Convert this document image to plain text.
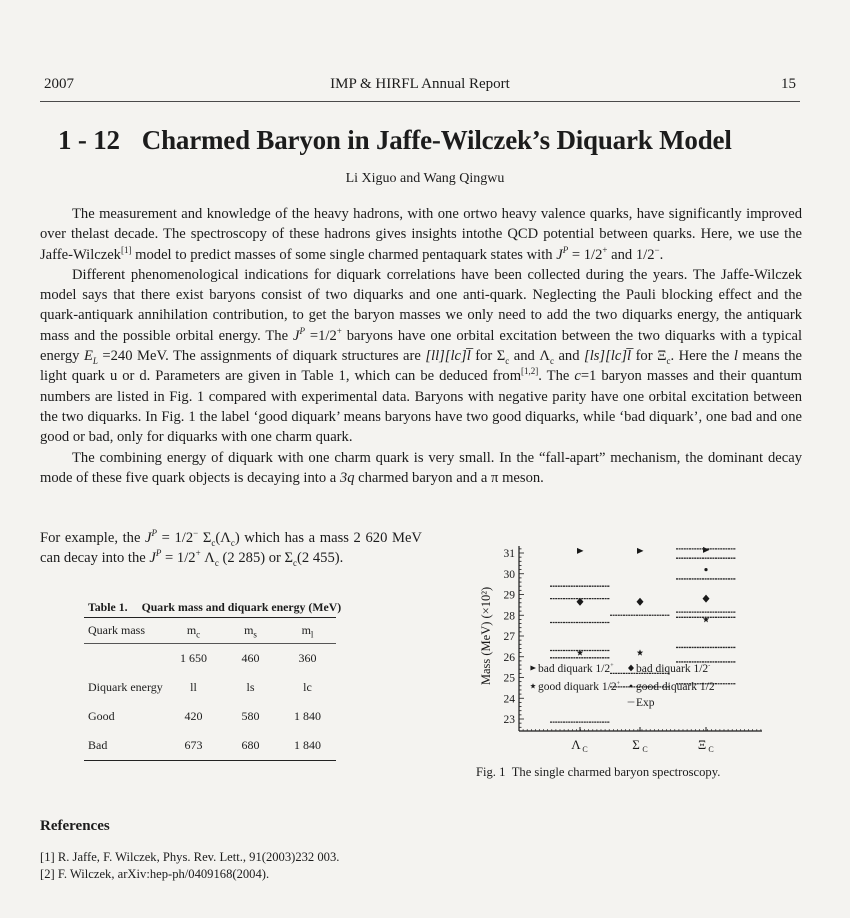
2007	IMP & HIRFL Annual Report	15
1 - 12 Charmed Baryon in Jaffe-Wilczek’s Diquark Model
Li Xiguo and Wang Qingwu

The measurement and knowledge of the heavy hadrons, with one ortwo heavy valence quarks, have significantly improved over thelast decade. The spectroscopy of these hadrons gives insights intothe QCD potential between quarks. Here, we use the Jaffe-Wilczek[1] model to predict masses of some single charmed pentaquark states with $J^P = 1/2^+$ and 1/2−.

Different phenomenological indications for diquark correlations have been collected during the years. The Jaffe-Wilczek model says that there exist baryons consist of two diquarks and one anti-quark. Neglecting the Pauli blocking effect and the quark-antiquark annihilation contribution, to get the baryon masses we only need to add the two diquarks energy, the antiquark mass and the possible orbital energy. The $J^P =1/2^+$ baryons have one orbital excitation between the two diquarks with a typical energy $E_L =240$ MeV. The assignments of diquark structures are [ll][lc]l̅ for $\Sigma_c$ and $\Lambda_c$ and [ls][lc]l̅ for $\Xi_c$. Here the l means the light quark u or d. Parameters are given in Table 1, which can be deduced from[1,2]. The c=1 baryon masses and their quantum numbers are listed in Fig. 1 compared with experimental data. Baryons with negative parity have one orbital excitation between the two diquarks. In Fig. 1 the label ‘good diquark’ means baryons have two good diquarks, while ‘bad diquark’, one bad and one good or bad, only for diquarks with one charm quark.

The combining energy of diquark with one charm quark is very small. In the “fall-apart” mechanism, the dominant decay mode of these five quark objects is decaying into a 3q charmed baryon and a π meson.

For example, the $J^P = 1/2^-$ $\Sigma_c(\Lambda_c)$ which has a mass 2 620 MeV can decay into the $J^P = 1/2^+$ $\Lambda_c$ (2 285) or $\Sigma_c(2$ 455).
Table 1. Quark mass and diquark energy (MeV)
Quark mass	$m_c$	$m_s$	$m_l$
	1 650	460	360
Diquark energy	ll	ls	lc
Good	420	580	1 840
Bad	673	680	1 840
23
24
25
26
27
28
29
30
31
Λ C	Σ C	Ξ C
Mass (MeV) (×10²)	bad diquark 1/2+
good diquark 1/2+
bad diquark 1/2-
good diquark 1/2-
Exp
Fig. 1 The single charmed baryon spectroscopy.
References
[1] R. Jaffe, F. Wilczek, Phys. Rev. Lett., 91(2003)232 003.
[2] F. Wilczek, arXiv:hep-ph/0409168(2004).
